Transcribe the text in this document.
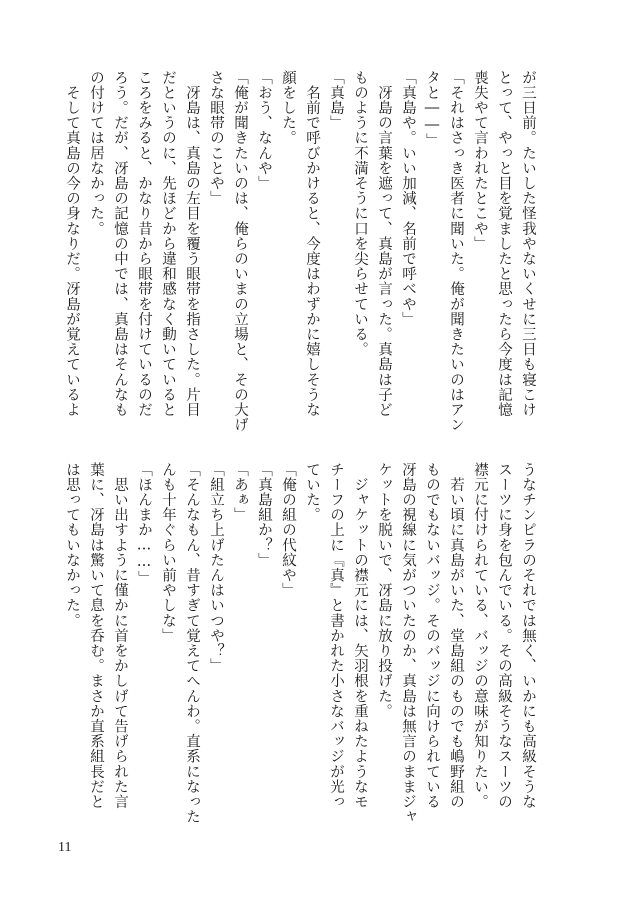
が三日前。たいした怪我やないくせに三日も寝こけ
とって、やっと目を覚ましたと思ったら今度は記憶
喪失やて言われたとこや」
「それはさっき医者に聞いた。俺が聞きたいのはアン
タと――」
「真島や。いい加減、名前で呼べや」
　冴島の言葉を遮って、真島が言った。真島は子ど
ものように不満そうに口を尖らせている。
「真島」
　名前で呼びかけると、今度はわずかに嬉しそうな
顔をした。
「おう、なんや」
「俺が聞きたいのは、俺らのいまの立場と、その大げ
さな眼帯のことや」
　冴島は、真島の左目を覆う眼帯を指さした。片目
だというのに、先ほどから違和感なく動いていると
ころをみると、かなり昔から眼帯を付けているのだ
ろう。だが、冴島の記憶の中では、真島はそんなも
の付けては居なかった。
　そして真島の今の身なりだ。冴島が覚えているよ
うなチンピラのそれでは無く、いかにも高級そうな
スーツに身を包んでいる。その高級そうなスーツの
襟元に付けられている、バッジの意味が知りたい。
　若い頃に真島がいた、堂島組のものでも嶋野組の
ものでもないバッジ。そのバッジに向けられている
冴島の視線に気がついたのか、真島は無言のままジャ
ケットを脱いで、冴島に放り投げた。
　ジャケットの襟元には、矢羽根を重ねたようなモ
チーフの上に『真』と書かれた小さなバッジが光っ
ていた。
「俺の組の代紋や」
「真島組か？」
「あぁ」
「組立ち上げたんはいつや？」
「そんなもん、昔すぎて覚えてへんわ。直系になった
んも十年ぐらい前やしな」
「ほんまか……」
　思い出すように僅かに首をかしげて告げられた言
葉に、冴島は驚いて息を呑む。まさか直系組長だと
は思ってもいなかった。
11
